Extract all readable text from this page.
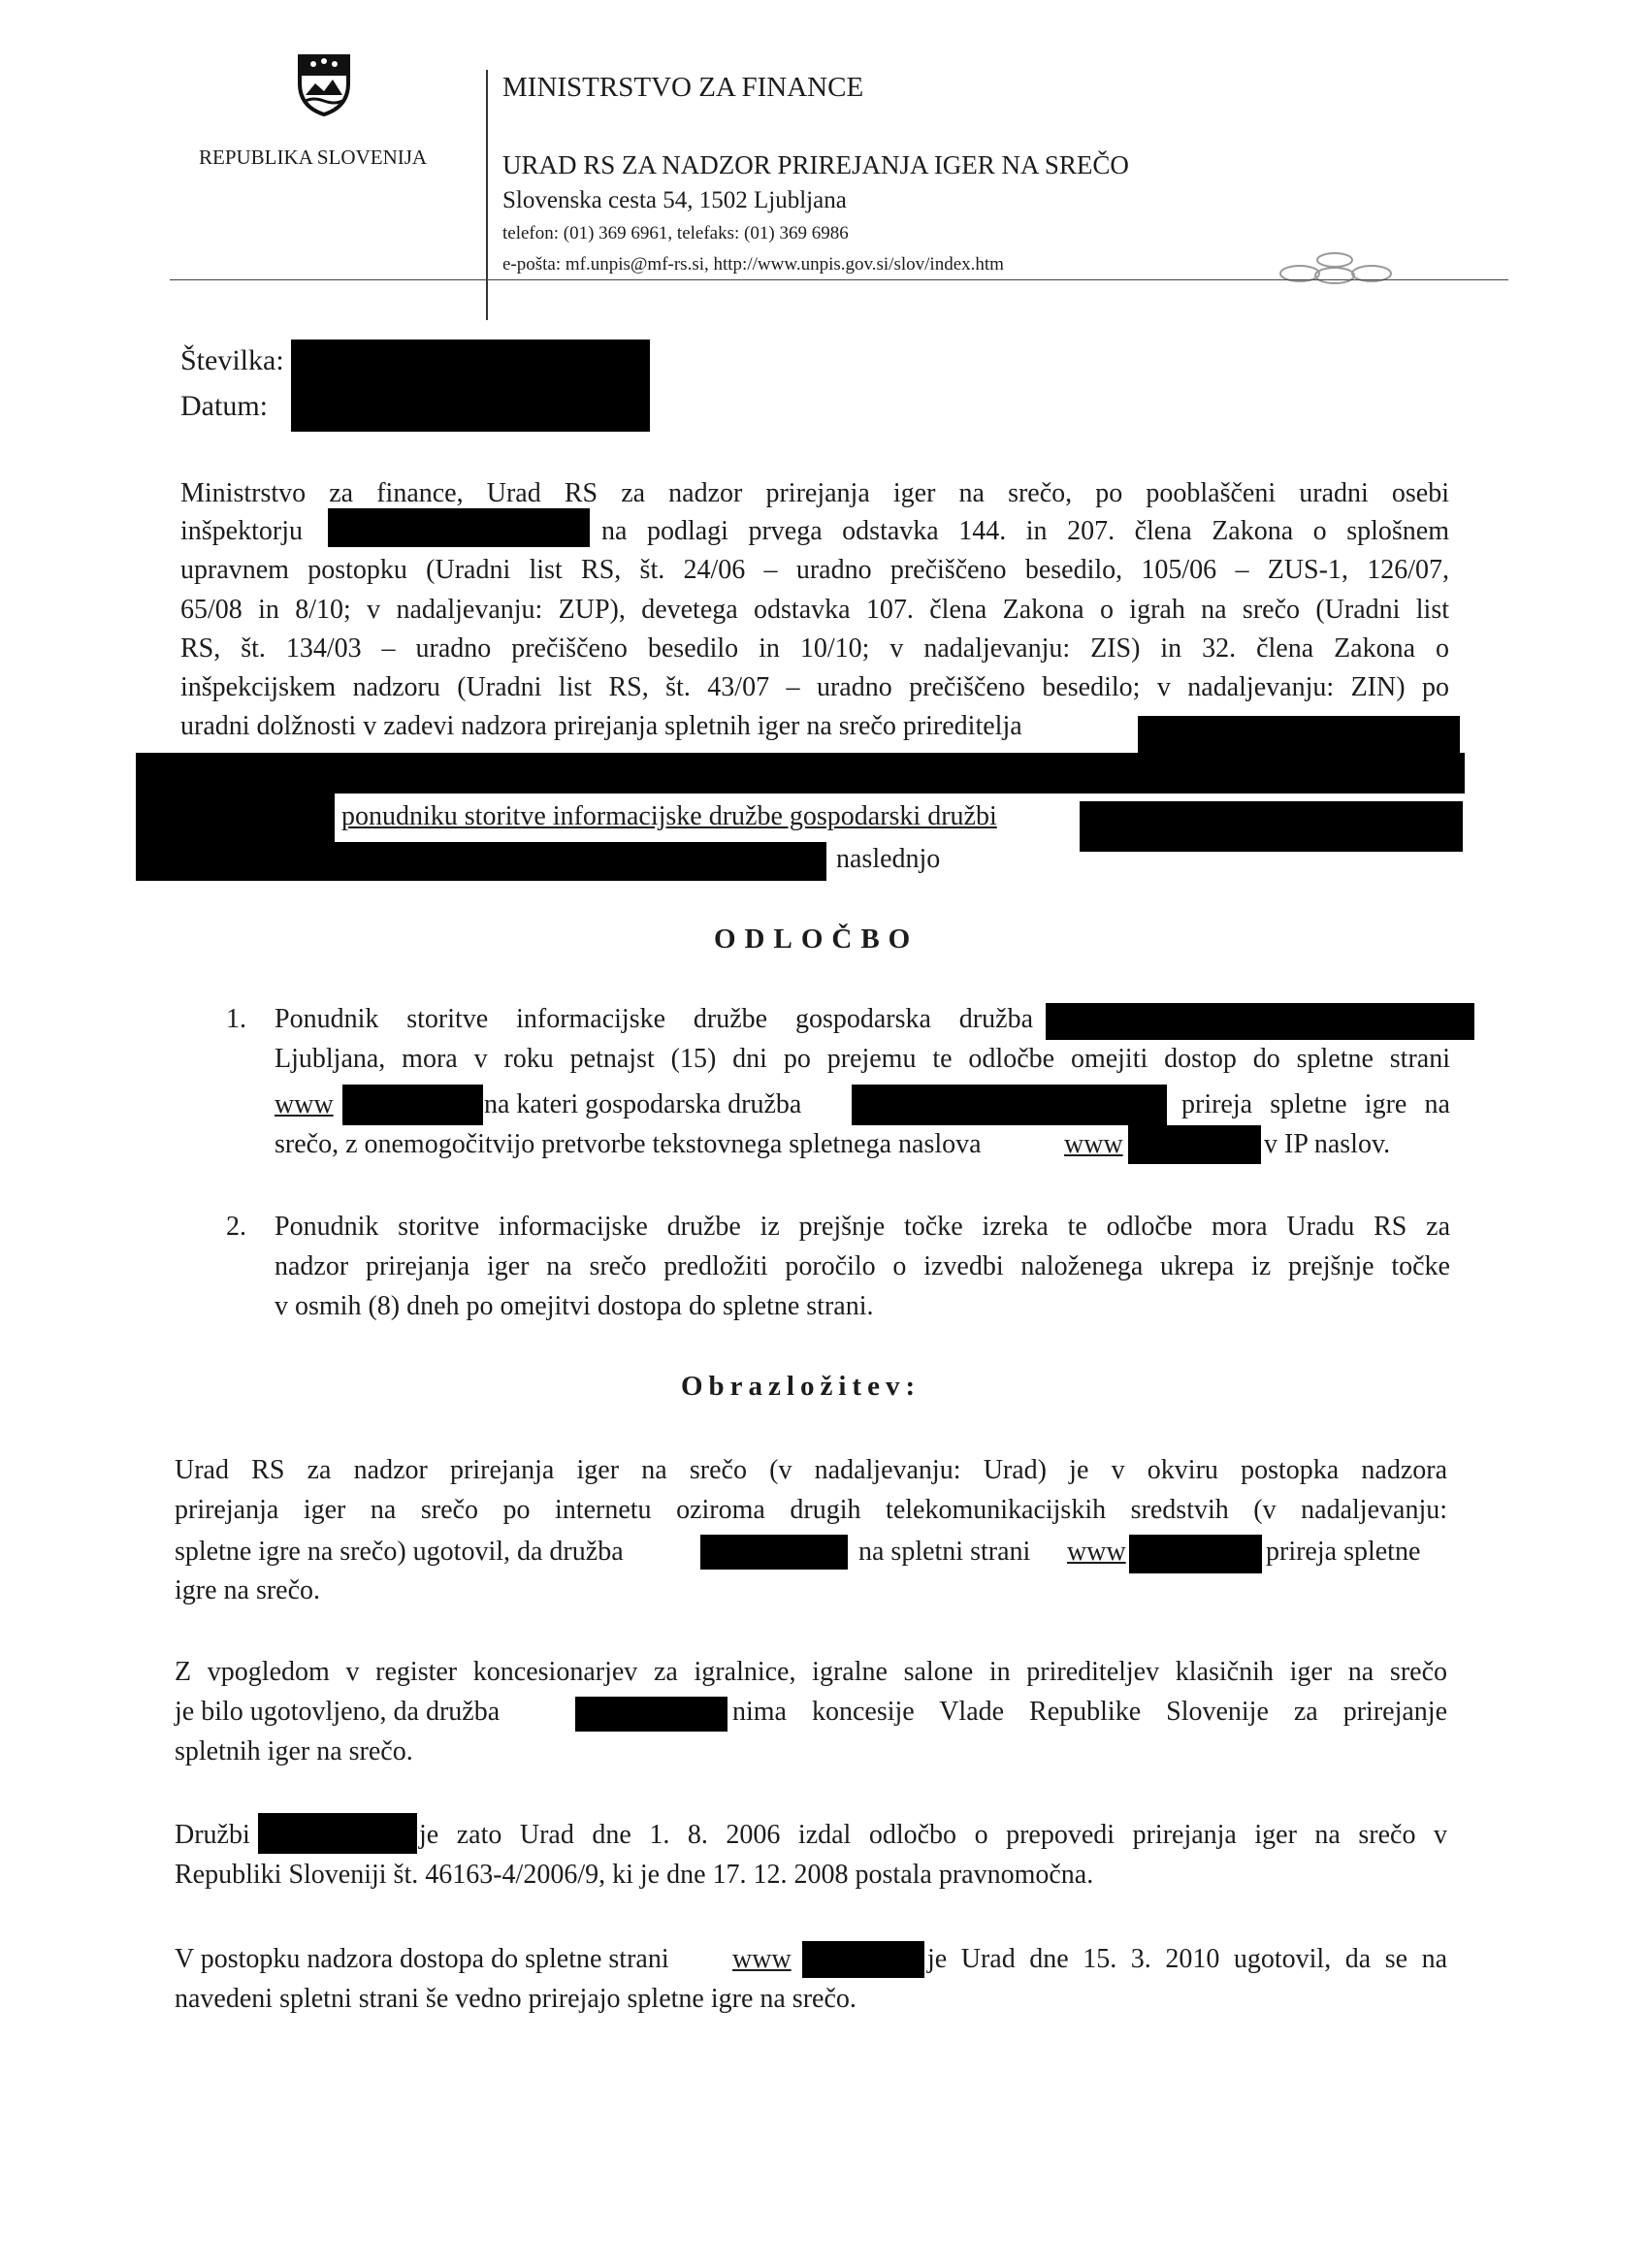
REPUBLIKA SLOVENIJA
MINISTRSTVO ZA FINANCE
URAD RS ZA NADZOR PRIREJANJA IGER NA SREČO
Slovenska cesta 54, 1502 Ljubljana
telefon: (01) 369 6961, telefaks: (01) 369 6986
e-pošta: mf.unpis@mf-rs.si, http://www.unpis.gov.si/slov/index.htm
Številka:
Datum:
Ministrstvo za finance, Urad RS za nadzor prirejanja iger na srečo, po pooblaščeni uradni osebi
inšpektorju	na podlagi prvega odstavka 144. in 207. člena Zakona o splošnem
upravnem postopku (Uradni list RS, št. 24/06 – uradno prečiščeno besedilo, 105/06 – ZUS-1, 126/07,
65/08 in 8/10; v nadaljevanju: ZUP), devetega odstavka 107. člena Zakona o igrah na srečo (Uradni list
RS, št. 134/03 – uradno prečiščeno besedilo in 10/10; v nadaljevanju: ZIS) in 32. člena Zakona o
inšpekcijskem nadzoru (Uradni list RS, št. 43/07 – uradno prečiščeno besedilo; v nadaljevanju: ZIN) po
uradni dolžnosti v zadevi nadzora prirejanja spletnih iger na srečo prireditelja
ponudniku storitve informacijske družbe gospodarski družbi
naslednjo
ODLOČBO
1. Ponudnik storitve informacijske družbe gospodarska družba
Ljubljana, mora v roku petnajst (15) dni po prejemu te odločbe omejiti dostop do spletne strani
www	na kateri gospodarska družba	prireja spletne igre na
srečo, z onemogočitvijo pretvorbe tekstovnega spletnega naslova	www	v IP naslov.
2. Ponudnik storitve informacijske družbe iz prejšnje točke izreka te odločbe mora Uradu RS za
nadzor prirejanja iger na srečo predložiti poročilo o izvedbi naloženega ukrepa iz prejšnje točke
v osmih (8) dneh po omejitvi dostopa do spletne strani.
Obrazložitev:
Urad RS za nadzor prirejanja iger na srečo (v nadaljevanju: Urad) je v okviru postopka nadzora
prirejanja iger na srečo po internetu oziroma drugih telekomunikacijskih sredstvih (v nadaljevanju:
spletne igre na srečo) ugotovil, da družba	na spletni strani www	prireja spletne
igre na srečo.
Z vpogledom v register koncesionarjev za igralnice, igralne salone in prirediteljev klasičnih iger na srečo
je bilo ugotovljeno, da družba	nima koncesije Vlade Republike Slovenije za prirejanje
spletnih iger na srečo.
Družbi	je zato Urad dne 1. 8. 2006 izdal odločbo o prepovedi prirejanja iger na srečo v
Republiki Sloveniji št. 46163-4/2006/9, ki je dne 17. 12. 2008 postala pravnomočna.
V postopku nadzora dostopa do spletne strani www	je Urad dne 15. 3. 2010 ugotovil, da se na
navedeni spletni strani še vedno prirejajo spletne igre na srečo.
